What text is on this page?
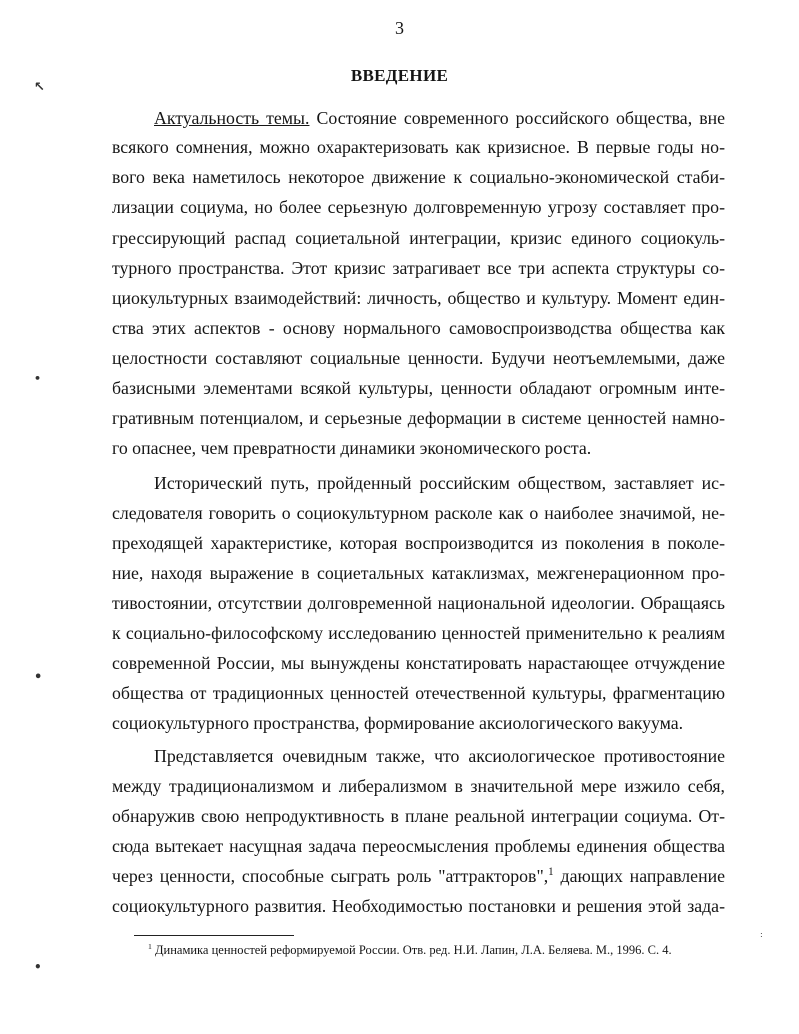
3
ВВЕДЕНИЕ
Актуальность темы. Состояние современного российского общества, вне
всякого сомнения, можно охарактеризовать как кризисное. В первые годы но-
вого века наметилось некоторое движение к социально-экономической стаби-
лизации социума, но более серьезную долговременную угрозу составляет про-
грессирующий распад социетальной интеграции, кризис единого социокуль-
турного пространства. Этот кризис затрагивает все три аспекта структуры со-
циокультурных взаимодействий: личность, общество и культуру. Момент един-
ства этих аспектов - основу нормального самовоспроизводства общества как
целостности составляют социальные ценности. Будучи неотъемлемыми, даже
базисными элементами всякой культуры, ценности обладают огромным инте-
гративным потенциалом, и серьезные деформации в системе ценностей намно-
го опаснее, чем превратности динамики экономического роста.
Исторический путь, пройденный российским обществом, заставляет ис-
следователя говорить о социокультурном расколе как о наиболее значимой, не-
преходящей характеристике, которая воспроизводится из поколения в поколе-
ние, находя выражение в социетальных катаклизмах, межгенерационном про-
тивостоянии, отсутствии долговременной национальной идеологии. Обращаясь
к социально-философскому исследованию ценностей применительно к реалиям
современной России, мы вынуждены констатировать нарастающее отчуждение
общества от традиционных ценностей отечественной культуры, фрагментацию
социокультурного пространства, формирование аксиологического вакуума.
Представляется очевидным также, что аксиологическое противостояние
между традиционализмом и либерализмом в значительной мере изжило себя,
обнаружив свою непродуктивность в плане реальной интеграции социума. От-
сюда вытекает насущная задача переосмысления проблемы единения общества
через ценности, способные сыграть роль "аттракторов",$^1$ дающих направление
социокультурного развития. Необходимостью постановки и решения этой зада-
$^1$ Динамика ценностей реформируемой России. Отв. ред. Н.И. Лапин, Л.А. Беляева. М., 1996. С. 4.
↖
•
•
•
:
